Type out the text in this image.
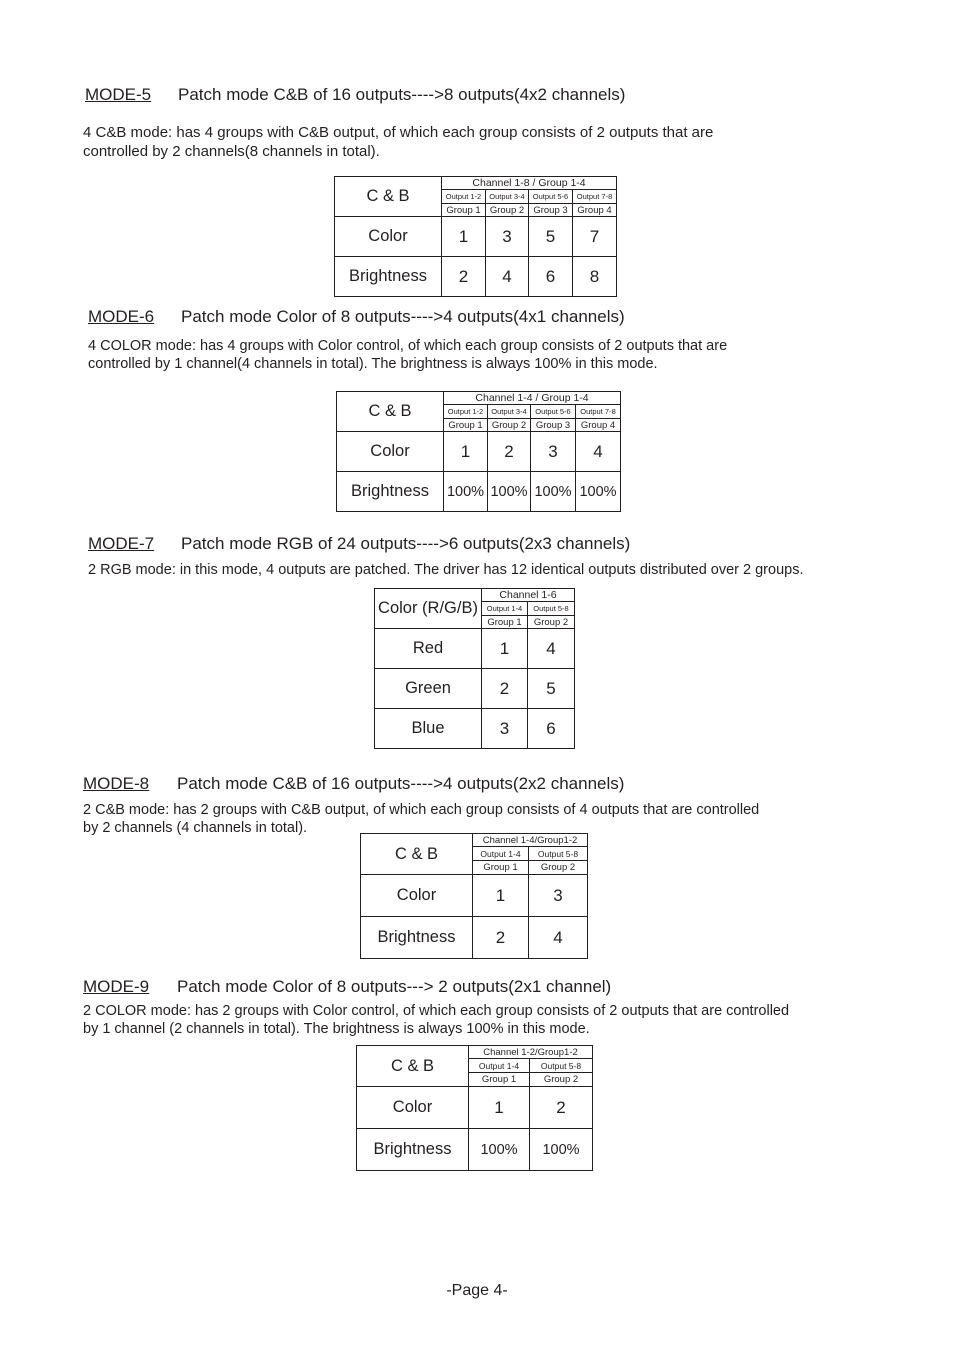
MODE-5 Patch mode C&B of 16 outputs---->8 outputs(4x2 channels)
4 C&B mode: has 4 groups with C&B output, of which each group consists of 2 outputs that are
controlled by 2 channels(8 channels in total).
C & B	Channel 1-8 / Group 1-4			
	Output 1-2	Output 3-4	Output 5-6	Output 7-8
	Group 1	Group 2	Group 3	Group 4
Color	1	3	5	7
Brightness	2	4	6	8
MODE-6 Patch mode Color of 8 outputs---->4 outputs(4x1 channels)
4 COLOR mode: has 4 groups with Color control, of which each group consists of 2 outputs that are
controlled by 1 channel(4 channels in total). The brightness is always 100% in this mode.
C & B	Channel 1-4 / Group 1-4			
	Output 1-2	Output 3-4	Output 5-6	Output 7-8
	Group 1	Group 2	Group 3	Group 4
Color	1	2	3	4
Brightness	100%	100%	100%	100%
MODE-7 Patch mode RGB of 24 outputs---->6 outputs(2x3 channels)
2 RGB mode: in this mode, 4 outputs are patched. The driver has 12 identical outputs distributed over 2 groups.
Color (R/G/B)	Channel 1-6	
	Output 1-4	Output 5-8
	Group 1	Group 2
Red	1	4
Green	2	5
Blue	3	6
MODE-8 Patch mode C&B of 16 outputs---->4 outputs(2x2 channels)
2 C&B mode: has 2 groups with C&B output, of which each group consists of 4 outputs that are controlled
by 2 channels (4 channels in total).
C & B	Channel 1-4/Group1-2	
	Output 1-4	Output 5-8
	Group 1	Group 2
Color	1	3
Brightness	2	4
MODE-9 Patch mode Color of 8 outputs---> 2 outputs(2x1 channel)
2 COLOR mode: has 2 groups with Color control, of which each group consists of 2 outputs that are controlled
by 1 channel (2 channels in total). The brightness is always 100% in this mode.
C & B	Channel 1-2/Group1-2	
	Output 1-4	Output 5-8
	Group 1	Group 2
Color	1	2
Brightness	100%	100%
-Page 4-
